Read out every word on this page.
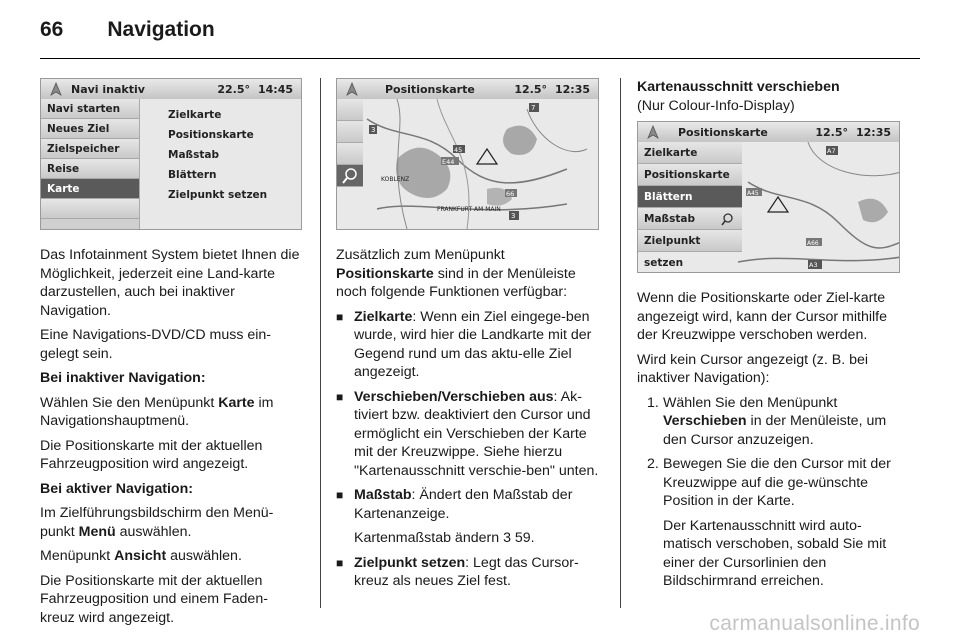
66 Navigation
Navi inaktiv	22.5° 14:45
Navi starten
Neues Ziel
Zielspeicher
Reise
Karte
Zielkarte
Positionskarte
Maßstab
Blättern
Zielpunkt setzen

Das Infotainment System bietet Ihnen die Möglichkeit, jederzeit eine Land-karte darzustellen, auch bei inaktiver Navigation.

Eine Navigations-DVD/CD muss ein-gelegt sein.

Bei inaktiver Navigation:

Wählen Sie den Menüpunkt Karte im Navigationshauptmenü.

Die Positionskarte mit der aktuellen Fahrzeugposition wird angezeigt.

Bei aktiver Navigation:

Im Zielführungsbildschirm den Menü-punkt Menü auswählen.

Menüpunkt Ansicht auswählen.

Die Positionskarte mit der aktuellen Fahrzeugposition und einem Faden-kreuz wird angezeigt.

Positionskarte	12.5° 12:35
7
3
45
E44
KOBLENZ
66
FRANKFURT AM MAIN
3

Zusätzlich zum Menüpunkt Positionskarte sind in der Menüleiste noch folgende Funktionen verfügbar:

■ Zielkarte: Wenn ein Ziel eingege-ben wurde, wird hier die Landkarte mit der Gegend rund um das aktu-elle Ziel angezeigt.
■ Verschieben/Verschieben aus: Ak-tiviert bzw. deaktiviert den Cursor und ermöglicht ein Verschieben der Karte mit der Kreuzwippe. Siehe hierzu "Kartenausschnitt verschie-ben" unten.
■ Maßstab: Ändert den Maßstab der Kartenanzeige.

Kartenmaßstab ändern 3 59.

■ Zielpunkt setzen: Legt das Cursor-kreuz als neues Ziel fest.

Kartenausschnitt verschieben

(Nur Colour-Info-Display)

Positionskarte	12.5° 12:35
A7
A45
A66
A3
Zielkarte
Positionskarte
Blättern
Maßstab
Zielpunkt setzen

Wenn die Positionskarte oder Ziel-karte angezeigt wird, kann der Cursor mithilfe der Kreuzwippe verschoben werden.

Wird kein Cursor angezeigt (z. B. bei inaktiver Navigation):

1. Wählen Sie den Menüpunkt Verschieben in der Menüleiste, um den Cursor anzuzeigen.
2. Bewegen Sie die den Cursor mit der Kreuzwippe auf die ge-wünschte Position in der Karte.

Der Kartenausschnitt wird auto-matisch verschoben, sobald Sie mit einer der Cursorlinien den Bildschirmrand erreichen.

carmanualsonline.info
